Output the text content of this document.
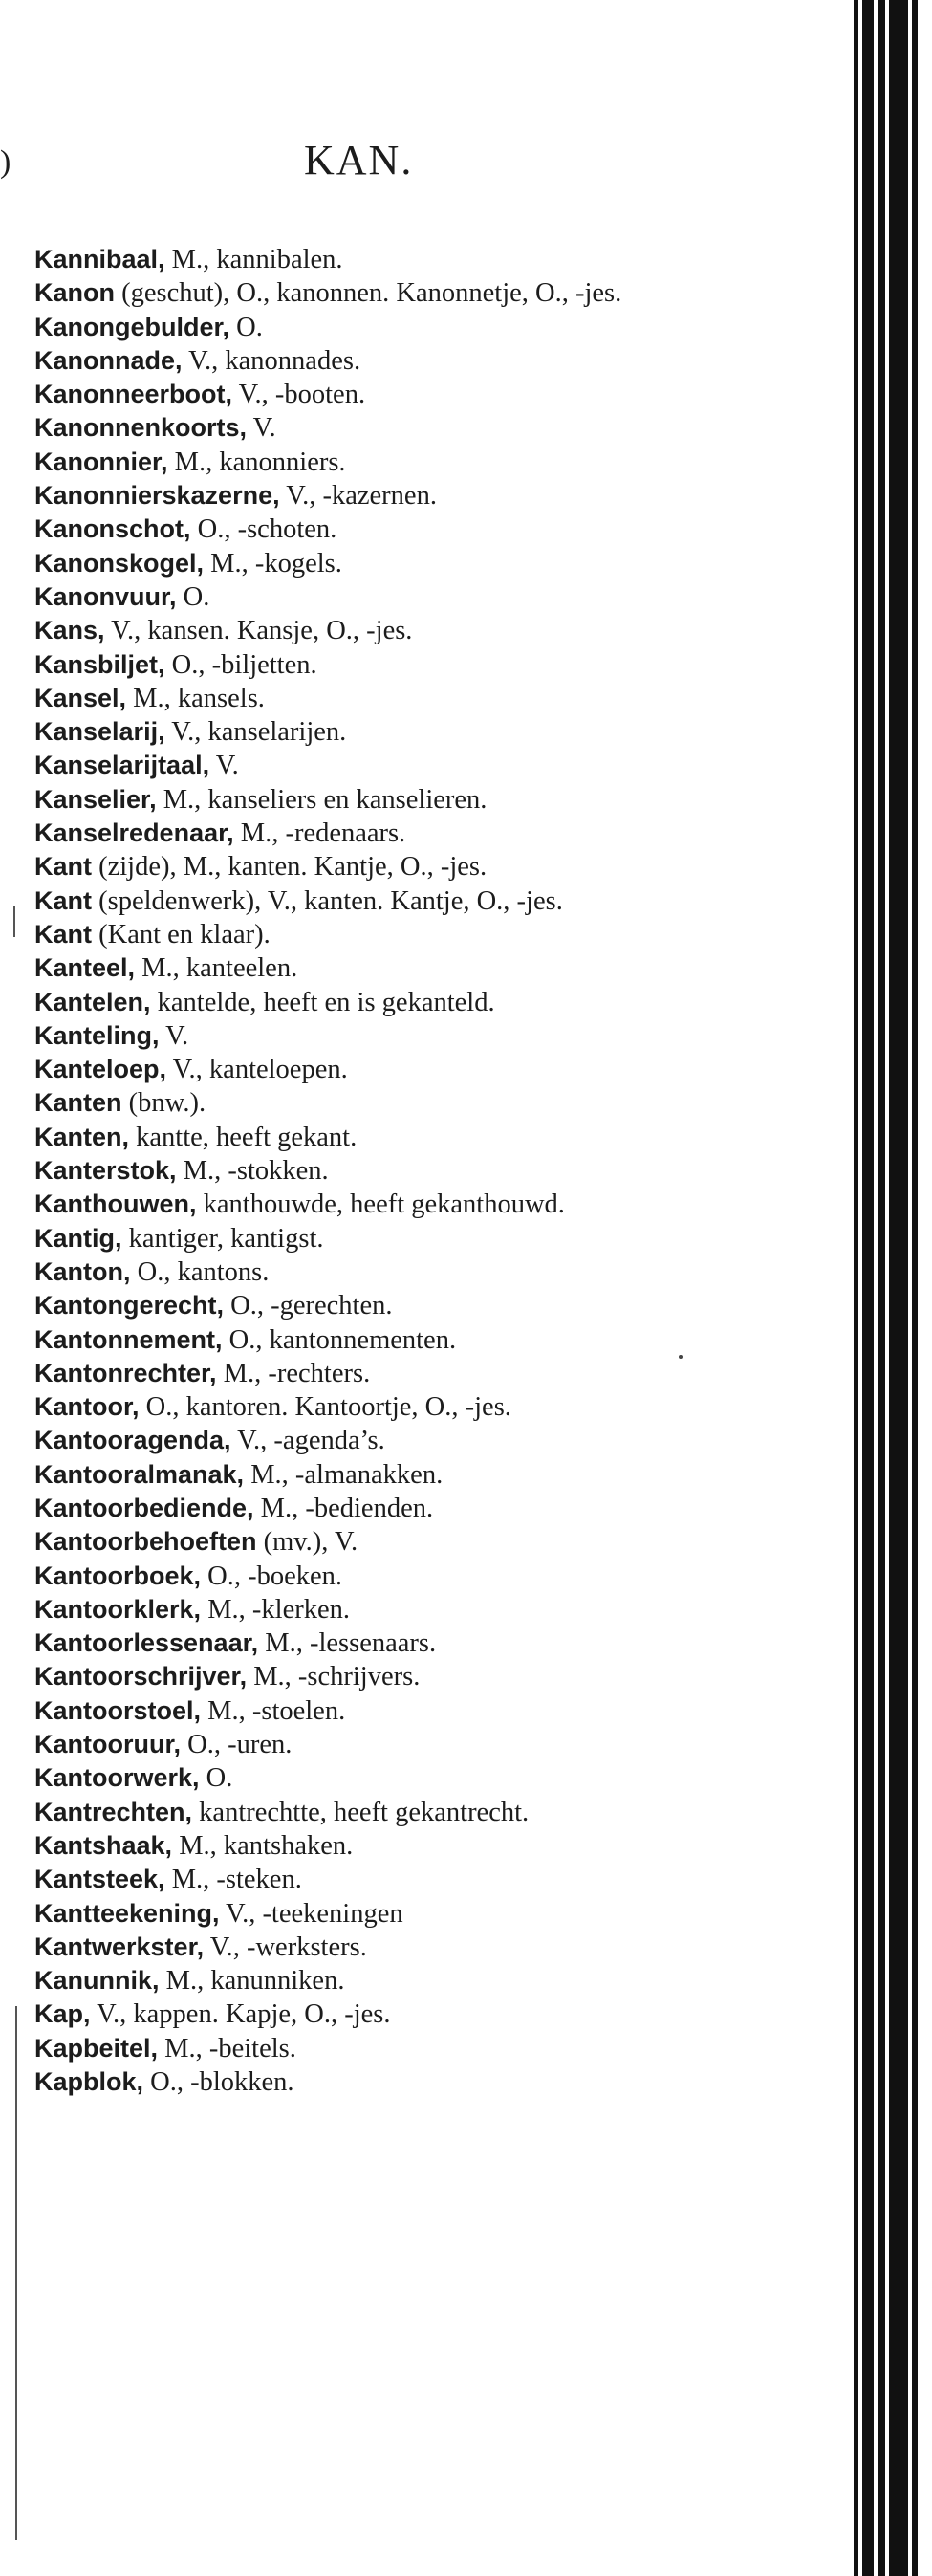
)	KAN.
Kannibaal, M., kannibalen.
Kanon (geschut), O., kanonnen. Kanonnetje, O., -jes.
Kanongebulder, O.
Kanonnade, V., kanonnades.
Kanonneerboot, V., -booten.
Kanonnenkoorts, V.
Kanonnier, M., kanonniers.
Kanonnierskazerne, V., -kazernen.
Kanonschot, O., -schoten.
Kanonskogel, M., -kogels.
Kanonvuur, O.
Kans, V., kansen. Kansje, O., -jes.
Kansbiljet, O., -biljetten.
Kansel, M., kansels.
Kanselarij, V., kanselarijen.
Kanselarijtaal, V.
Kanselier, M., kanseliers en kanselieren.
Kanselredenaar, M., -redenaars.
Kant (zijde), M., kanten. Kantje, O., -jes.
Kant (speldenwerk), V., kanten. Kantje, O., -jes.
Kant (Kant en klaar).
Kanteel, M., kanteelen.
Kantelen, kantelde, heeft en is gekanteld.
Kanteling, V.
Kanteloep, V., kanteloepen.
Kanten (bnw.).
Kanten, kantte, heeft gekant.
Kanterstok, M., -stokken.
Kanthouwen, kanthouwde, heeft gekanthouwd.
Kantig, kantiger, kantigst.
Kanton, O., kantons.
Kantongerecht, O., -gerechten.
Kantonnement, O., kantonnementen.
Kantonrechter, M., -rechters.
Kantoor, O., kantoren. Kantoortje, O., -jes.
Kantooragenda, V., -agenda’s.
Kantooralmanak, M., -almanakken.
Kantoorbediende, M., -bedienden.
Kantoorbehoeften (mv.), V.
Kantoorboek, O., -boeken.
Kantoorklerk, M., -klerken.
Kantoorlessenaar, M., -lessenaars.
Kantoorschrijver, M., -schrijvers.
Kantoorstoel, M., -stoelen.
Kantooruur, O., -uren.
Kantoorwerk, O.
Kantrechten, kantrechtte, heeft gekantrecht.
Kantshaak, M., kantshaken.
Kantsteek, M., -steken.
Kantteekening, V., -teekeningen
Kantwerkster, V., -werksters.
Kanunnik, M., kanunniken.
Kap, V., kappen. Kapje, O., -jes.
Kapbeitel, M., -beitels.
Kapblok, O., -blokken.
